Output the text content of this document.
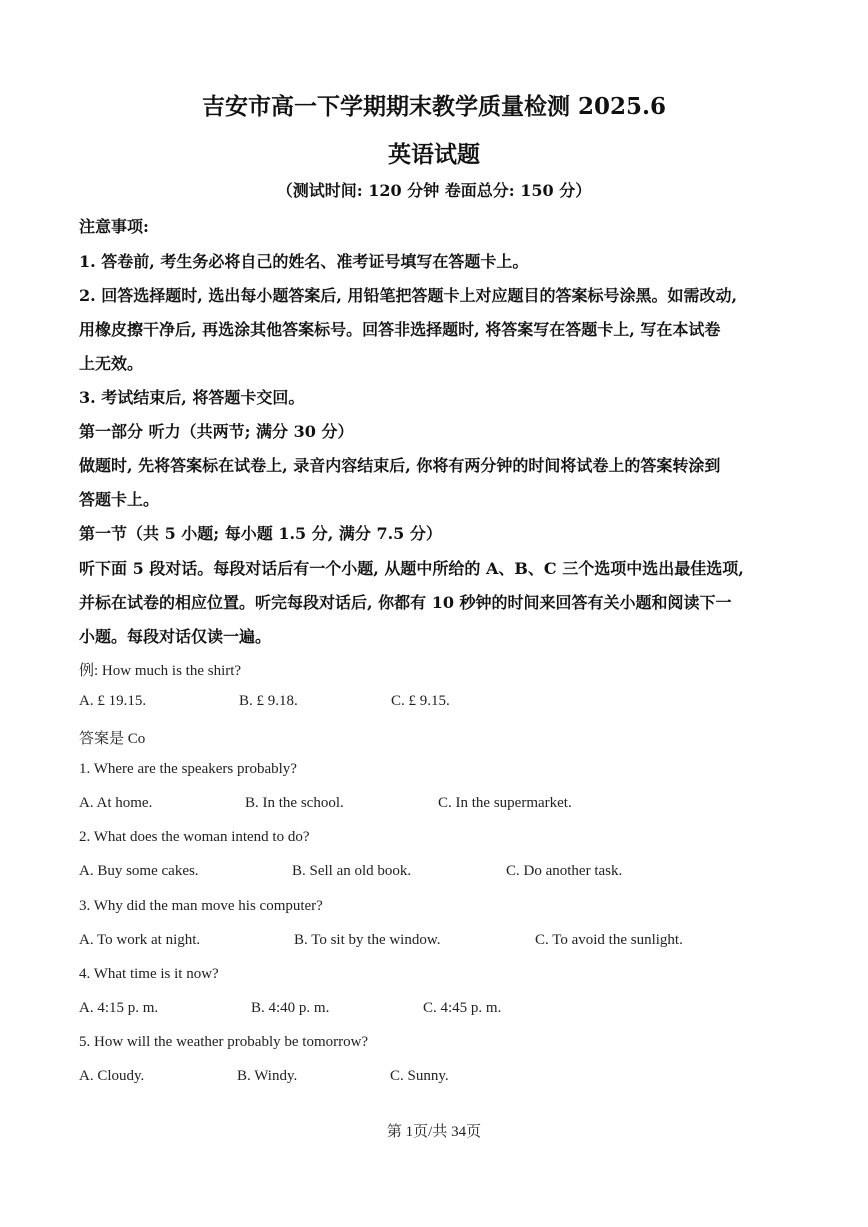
吉安市高一下学期期末教学质量检测 2025.6
英语试题
（测试时间: 120 分钟 卷面总分: 150 分）
注意事项:
1. 答卷前, 考生务必将自己的姓名、准考证号填写在答题卡上。
2. 回答选择题时, 选出每小题答案后, 用铅笔把答题卡上对应题目的答案标号涂黑。如需改动,
用橡皮擦干净后, 再选涂其他答案标号。回答非选择题时, 将答案写在答题卡上, 写在本试卷
上无效。
3. 考试结束后, 将答题卡交回。
第一部分 听力（共两节; 满分 30 分）
做题时, 先将答案标在试卷上, 录音内容结束后, 你将有两分钟的时间将试卷上的答案转涂到
答题卡上。
第一节（共 5 小题; 每小题 1.5 分, 满分 7.5 分）
听下面 5 段对话。每段对话后有一个小题, 从题中所给的 A、B、C 三个选项中选出最佳选项,
并标在试卷的相应位置。听完每段对话后, 你都有 10 秒钟的时间来回答有关小题和阅读下一
小题。每段对话仅读一遍。
例: How much is the shirt?
A. £ 19.15.	B. £ 9.18.	C. £ 9.15.
答案是 Co
1. Where are the speakers probably?
A. At home.	B. In the school.	C. In the supermarket.
2. What does the woman intend to do?
A. Buy some cakes.	B. Sell an old book.	C. Do another task.
3. Why did the man move his computer?
A. To work at night.	B. To sit by the window.	C. To avoid the sunlight.
4. What time is it now?
A. 4:15 p. m.	B. 4:40 p. m.	C. 4:45 p. m.
5. How will the weather probably be tomorrow?
A. Cloudy.	B. Windy.	C. Sunny.
第 1页/共 34页
